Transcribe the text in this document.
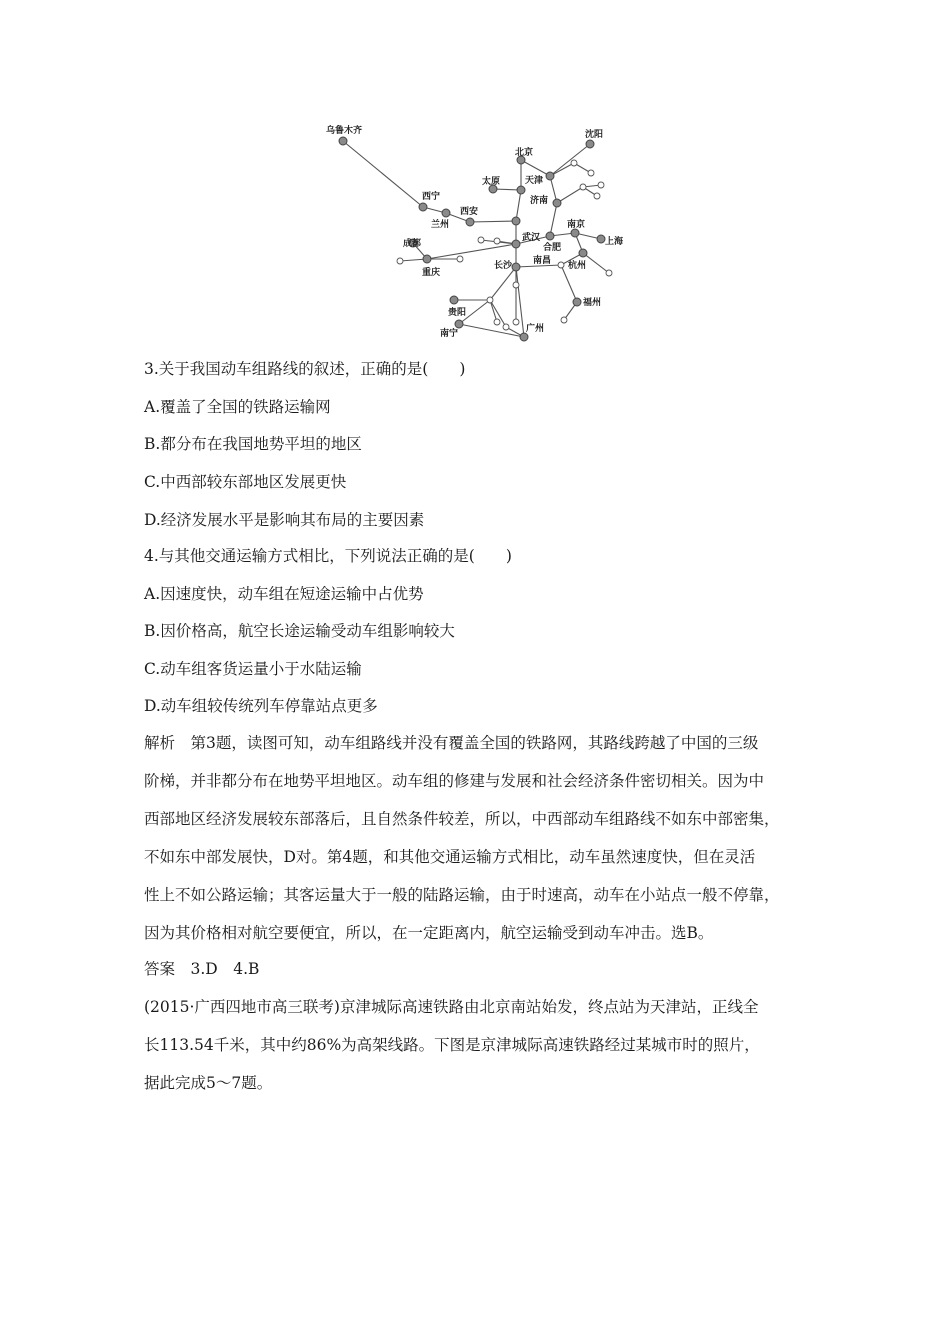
乌鲁木齐
西宁
兰州
西安
成都
重庆
北京
太原	天津
济南
沈阳
武汉
合肥
南京
上海
杭州
长沙 南昌
福州
贵阳
南宁	广州
3.关于我国动车组路线的叙述，正确的是(　　)
A.覆盖了全国的铁路运输网
B.都分布在我国地势平坦的地区
C.中西部较东部地区发展更快
D.经济发展水平是影响其布局的主要因素
4.与其他交通运输方式相比，下列说法正确的是(　　)
A.因速度快，动车组在短途运输中占优势
B.因价格高，航空长途运输受动车组影响较大
C.动车组客货运量小于水陆运输
D.动车组较传统列车停靠站点更多
解析　第3题，读图可知，动车组路线并没有覆盖全国的铁路网，其路线跨越了中国的三级
阶梯，并非都分布在地势平坦地区。动车组的修建与发展和社会经济条件密切相关。因为中
西部地区经济发展较东部落后，且自然条件较差，所以，中西部动车组路线不如东中部密集，
不如东中部发展快，D对。第4题，和其他交通运输方式相比，动车虽然速度快，但在灵活
性上不如公路运输；其客运量大于一般的陆路运输，由于时速高，动车在小站点一般不停靠，
因为其价格相对航空要便宜，所以，在一定距离内，航空运输受到动车冲击。选B。
答案　3.D　4.B
(2015·广西四地市高三联考)京津城际高速铁路由北京南站始发，终点站为天津站，正线全
长113.54千米，其中约86%为高架线路。下图是京津城际高速铁路经过某城市时的照片，
据此完成5～7题。
